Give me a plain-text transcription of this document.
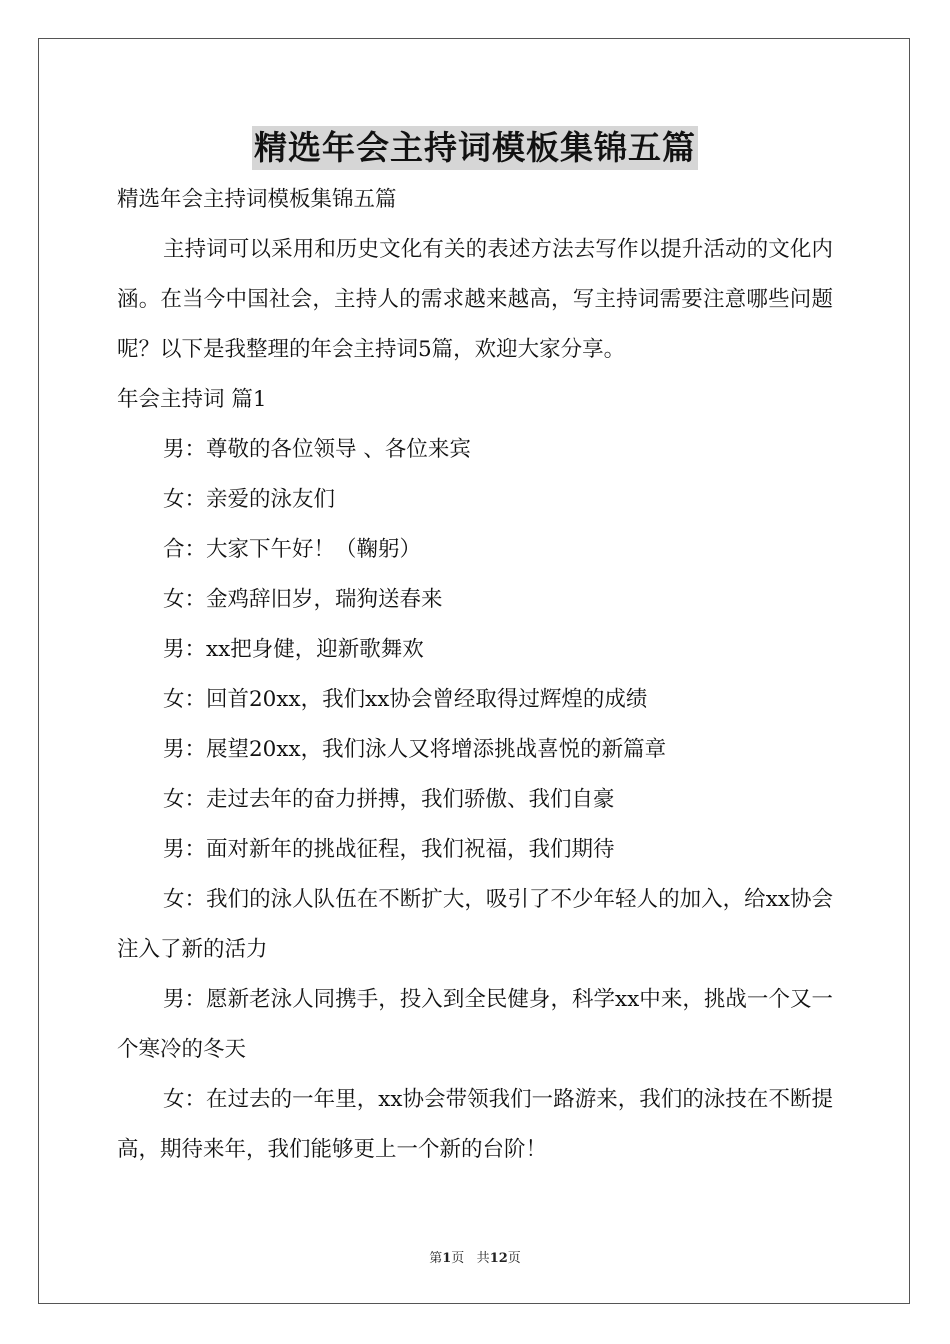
精选年会主持词模板集锦五篇

精选年会主持词模板集锦五篇

主持词可以采用和历史文化有关的表述方法去写作以提升活动的文化内涵。在当今中国社会，主持人的需求越来越高，写主持词需要注意哪些问题呢？以下是我整理的年会主持词5篇，欢迎大家分享。

年会主持词 篇1

男：尊敬的各位领导 、各位来宾

女：亲爱的泳友们

合：大家下午好！（鞠躬）

女：金鸡辞旧岁，瑞狗送春来

男：xx把身健，迎新歌舞欢

女：回首20xx，我们xx协会曾经取得过辉煌的成绩

男：展望20xx，我们泳人又将增添挑战喜悦的新篇章

女：走过去年的奋力拼搏，我们骄傲、我们自豪

男：面对新年的挑战征程，我们祝福，我们期待

女：我们的泳人队伍在不断扩大，吸引了不少年轻人的加入，给xx协会注入了新的活力

男：愿新老泳人同携手，投入到全民健身，科学xx中来，挑战一个又一个寒冷的冬天

女：在过去的一年里，xx协会带领我们一路游来，我们的泳技在不断提高，期待来年，我们能够更上一个新的台阶！

第1页 共12页
